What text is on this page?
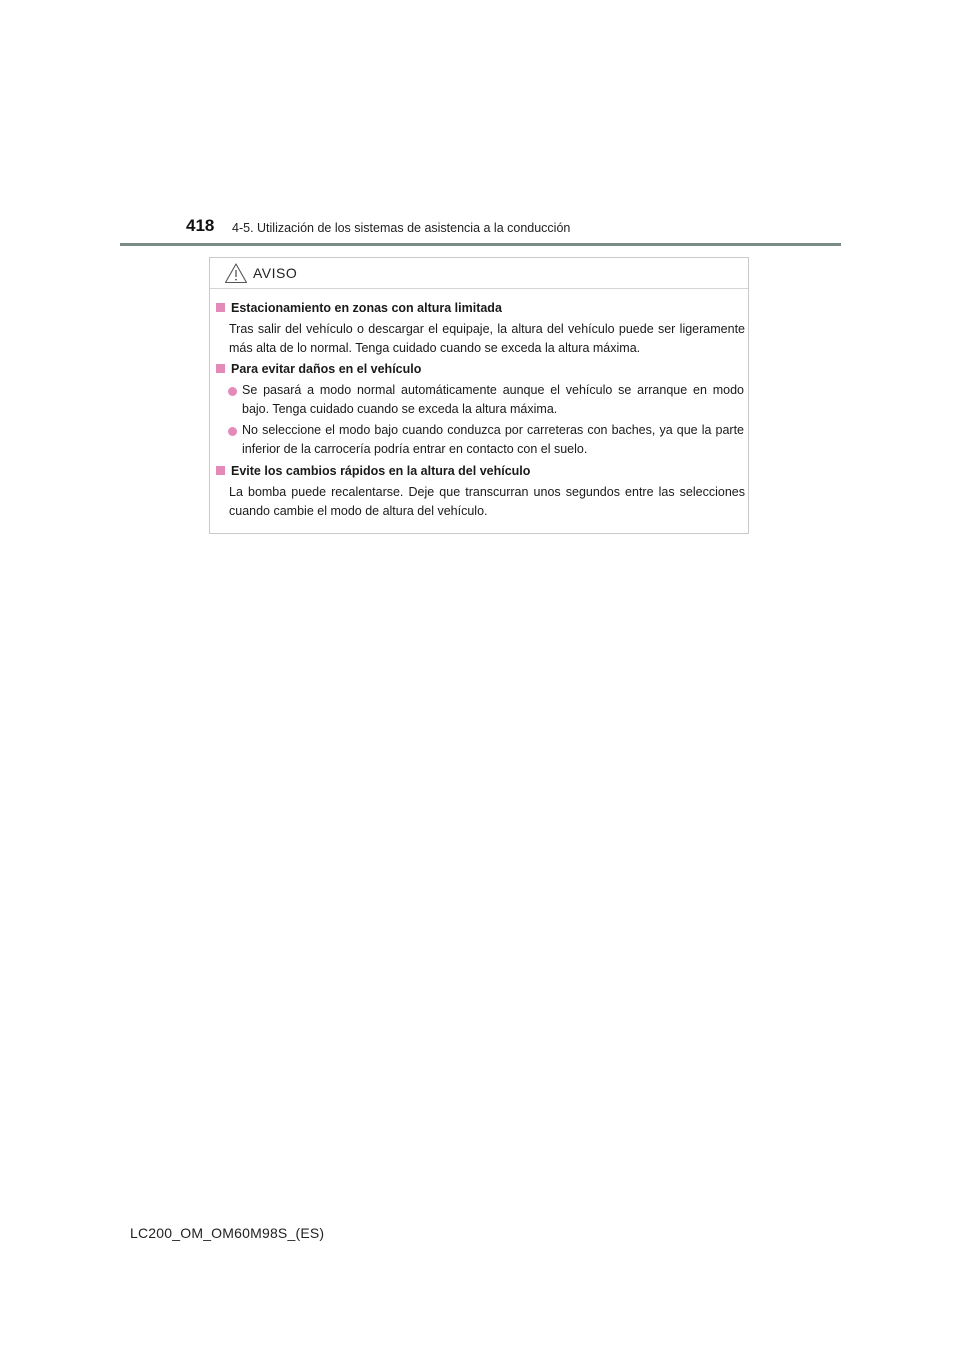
418 4-5. Utilización de los sistemas de asistencia a la conducción
AVISO
Estacionamiento en zonas con altura limitada
Tras salir del vehículo o descargar el equipaje, la altura del vehículo puede ser ligeramente más alta de lo normal. Tenga cuidado cuando se exceda la altura máxima.
Para evitar daños en el vehículo
Se pasará a modo normal automáticamente aunque el vehículo se arranque en modo bajo. Tenga cuidado cuando se exceda la altura máxima.
No seleccione el modo bajo cuando conduzca por carreteras con baches, ya que la parte inferior de la carrocería podría entrar en contacto con el suelo.
Evite los cambios rápidos en la altura del vehículo
La bomba puede recalentarse. Deje que transcurran unos segundos entre las selecciones cuando cambie el modo de altura del vehículo.
LC200_OM_OM60M98S_(ES)
